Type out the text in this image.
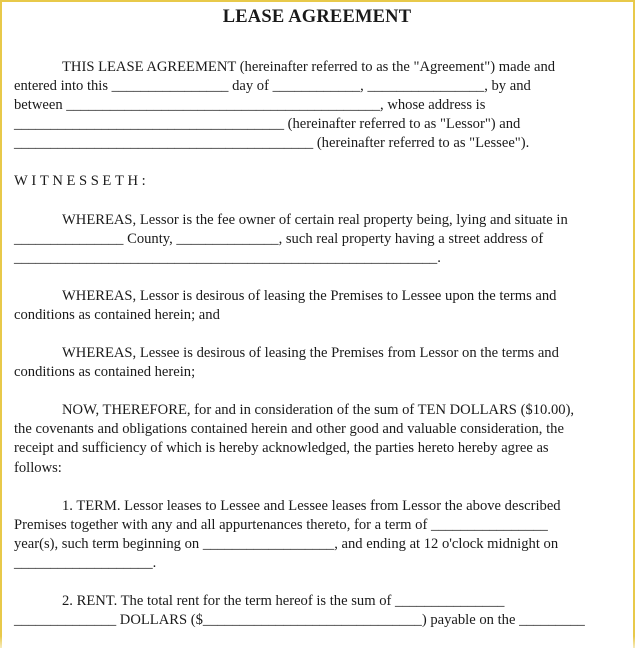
LEASE AGREEMENT
THIS LEASE AGREEMENT (hereinafter referred to as the "Agreement") made and
entered into this ________________ day of ____________, ________________, by and
between ___________________________________________, whose address is
_____________________________________ (hereinafter referred to as "Lessor") and
_________________________________________ (hereinafter referred to as "Lessee").
WITNESSETH:
WHEREAS, Lessor is the fee owner of certain real property being, lying and situate in
_______________ County, ______________, such real property having a street address of
__________________________________________________________.
WHEREAS, Lessor is desirous of leasing the Premises to Lessee upon the terms and
conditions as contained herein; and
WHEREAS, Lessee is desirous of leasing the Premises from Lessor on the terms and
conditions as contained herein;
NOW, THEREFORE, for and in consideration of the sum of TEN DOLLARS ($10.00),
the covenants and obligations contained herein and other good and valuable consideration, the
receipt and sufficiency of which is hereby acknowledged, the parties hereto hereby agree as
follows:
1. TERM. Lessor leases to Lessee and Lessee leases from Lessor the above described
Premises together with any and all appurtenances thereto, for a term of ________________
year(s), such term beginning on __________________, and ending at 12 o'clock midnight on
___________________.
2. RENT. The total rent for the term hereof is the sum of _______________
______________ DOLLARS ($______________________________) payable on the _________
